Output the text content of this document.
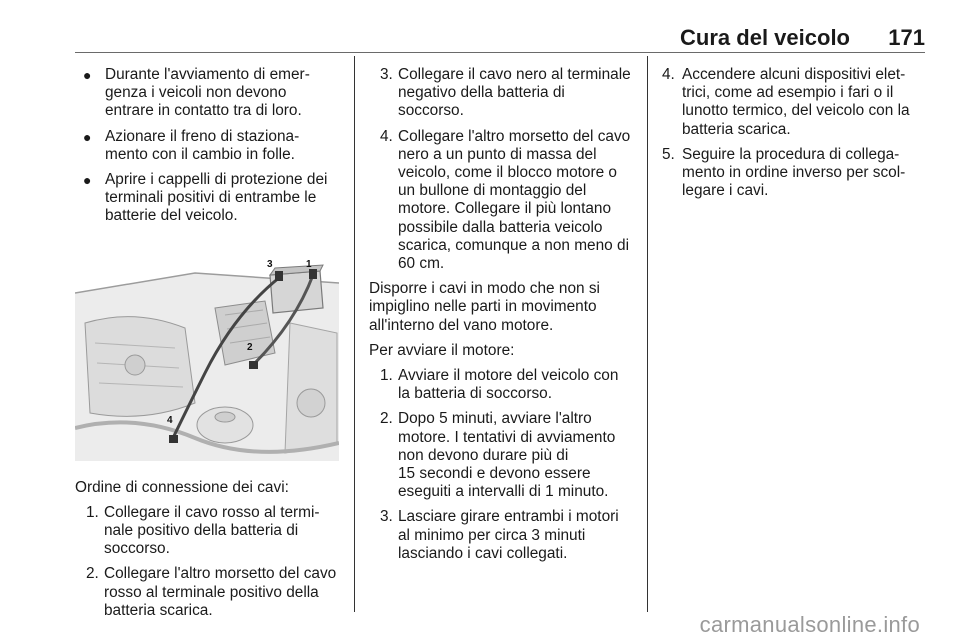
Cura del veicolo 171
● Durante l'avviamento di emer-
genza i veicoli non devono
entrare in contatto tra di loro.
● Azionare il freno di staziona-
mento con il cambio in folle.
● Aprire i cappelli di protezione dei
terminali positivi di entrambe le
batterie del veicolo.
1
2
3
4
Ordine di connessione dei cavi:
1. Collegare il cavo rosso al termi-
nale positivo della batteria di
soccorso.
2. Collegare l'altro morsetto del cavo
rosso al terminale positivo della
batteria scarica.
3. Collegare il cavo nero al terminale
negativo della batteria di
soccorso.
4. Collegare l'altro morsetto del cavo
nero a un punto di massa del
veicolo, come il blocco motore o
un bullone di montaggio del
motore. Collegare il più lontano
possibile dalla batteria veicolo
scarica, comunque a non meno di
60 cm.
Disporre i cavi in modo che non si
impiglino nelle parti in movimento
all'interno del vano motore.
Per avviare il motore:
1. Avviare il motore del veicolo con
la batteria di soccorso.
2. Dopo 5 minuti, avviare l'altro
motore. I tentativi di avviamento
non devono durare più di
15 secondi e devono essere
eseguiti a intervalli di 1 minuto.
3. Lasciare girare entrambi i motori
al minimo per circa 3 minuti
lasciando i cavi collegati.
4. Accendere alcuni dispositivi elet-
trici, come ad esempio i fari o il
lunotto termico, del veicolo con la
batteria scarica.
5. Seguire la procedura di collega-
mento in ordine inverso per scol-
legare i cavi.
carmanualsonline.info
